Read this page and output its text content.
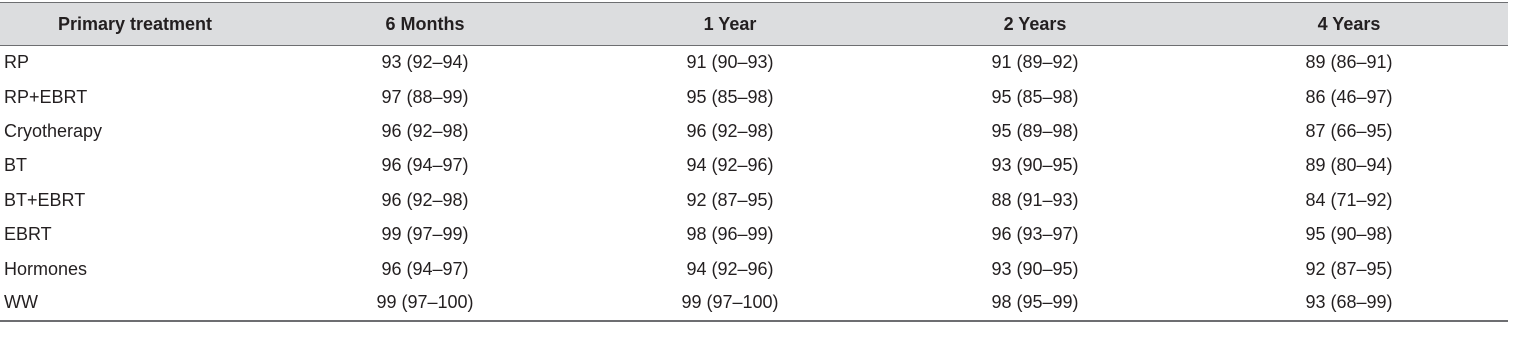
Primary treatment	6 Months	1 Year	2 Years	4 Years
RP	93 (92–94)	91 (90–93)	91 (89–92)	89 (86–91)
RP+EBRT	97 (88–99)	95 (85–98)	95 (85–98)	86 (46–97)
Cryotherapy	96 (92–98)	96 (92–98)	95 (89–98)	87 (66–95)
BT	96 (94–97)	94 (92–96)	93 (90–95)	89 (80–94)
BT+EBRT	96 (92–98)	92 (87–95)	88 (91–93)	84 (71–92)
EBRT	99 (97–99)	98 (96–99)	96 (93–97)	95 (90–98)
Hormones	96 (94–97)	94 (92–96)	93 (90–95)	92 (87–95)
WW	99 (97–100)	99 (97–100)	98 (95–99)	93 (68–99)
